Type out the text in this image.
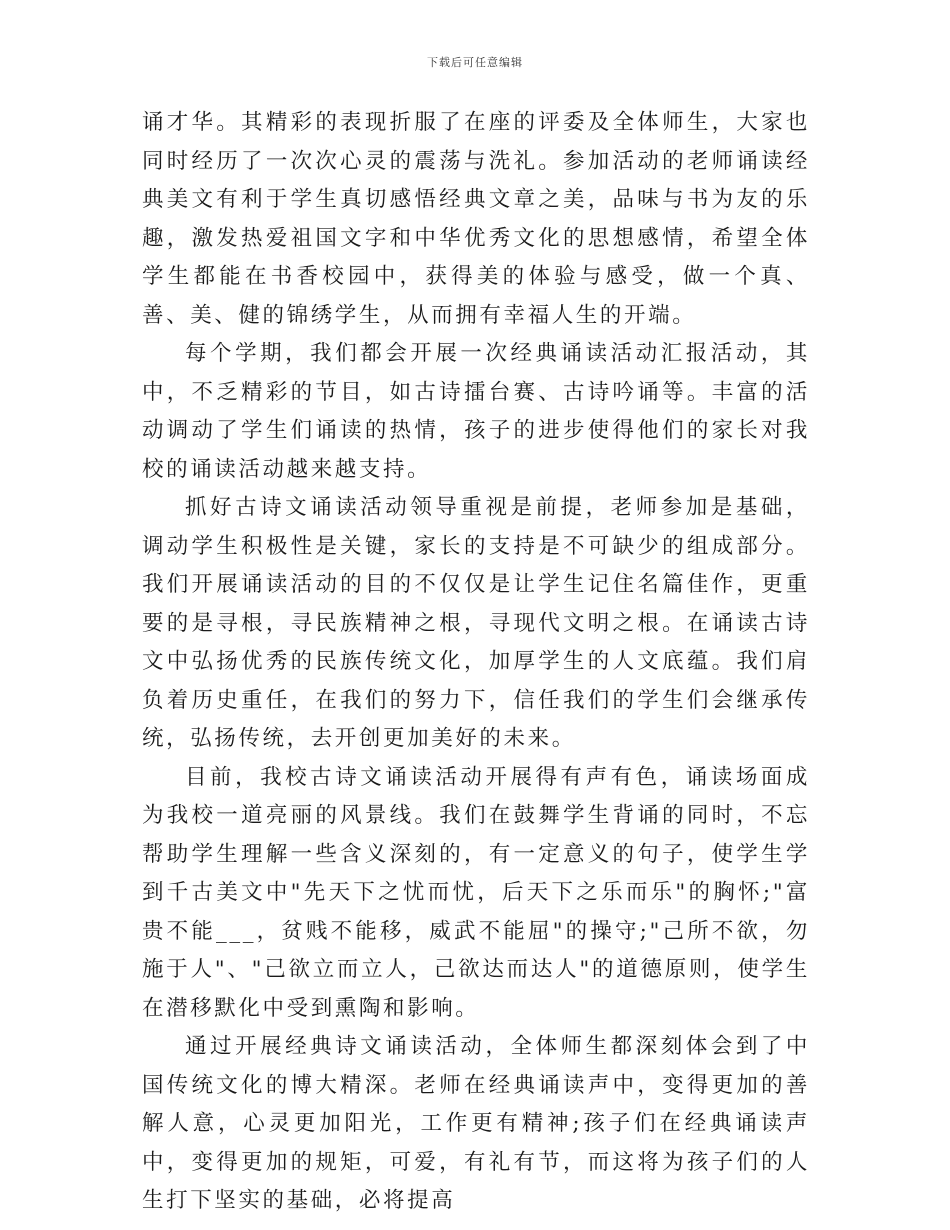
下载后可任意编辑

诵才华。其精彩的表现折服了在座的评委及全体师生，大家也同时经历了一次次心灵的震荡与洗礼。参加活动的老师诵读经典美文有利于学生真切感悟经典文章之美，品味与书为友的乐趣，激发热爱祖国文字和中华优秀文化的思想感情，希望全体学生都能在书香校园中，获得美的体验与感受，做一个真、善、美、健的锦绣学生，从而拥有幸福人生的开端。

每个学期，我们都会开展一次经典诵读活动汇报活动，其中，不乏精彩的节目，如古诗擂台赛、古诗吟诵等。丰富的活动调动了学生们诵读的热情，孩子的进步使得他们的家长对我校的诵读活动越来越支持。

抓好古诗文诵读活动领导重视是前提，老师参加是基础，调动学生积极性是关键，家长的支持是不可缺少的组成部分。我们开展诵读活动的目的不仅仅是让学生记住名篇佳作，更重要的是寻根，寻民族精神之根，寻现代文明之根。在诵读古诗文中弘扬优秀的民族传统文化，加厚学生的人文底蕴。我们肩负着历史重任，在我们的努力下，信任我们的学生们会继承传统，弘扬传统，去开创更加美好的未来。

目前，我校古诗文诵读活动开展得有声有色，诵读场面成为我校一道亮丽的风景线。我们在鼓舞学生背诵的同时，不忘帮助学生理解一些含义深刻的，有一定意义的句子，使学生学到千古美文中"先天下之忧而忧，后天下之乐而乐"的胸怀;"富贵不能___，贫贱不能移，威武不能屈"的操守;"己所不欲，勿施于人"、"己欲立而立人，己欲达而达人"的道德原则，使学生在潜移默化中受到熏陶和影响。

通过开展经典诗文诵读活动，全体师生都深刻体会到了中国传统文化的博大精深。老师在经典诵读声中，变得更加的善解人意，心灵更加阳光，工作更有精神;孩子们在经典诵读声中，变得更加的规矩，可爱，有礼有节，而这将为孩子们的人生打下坚实的基础，必将提高
